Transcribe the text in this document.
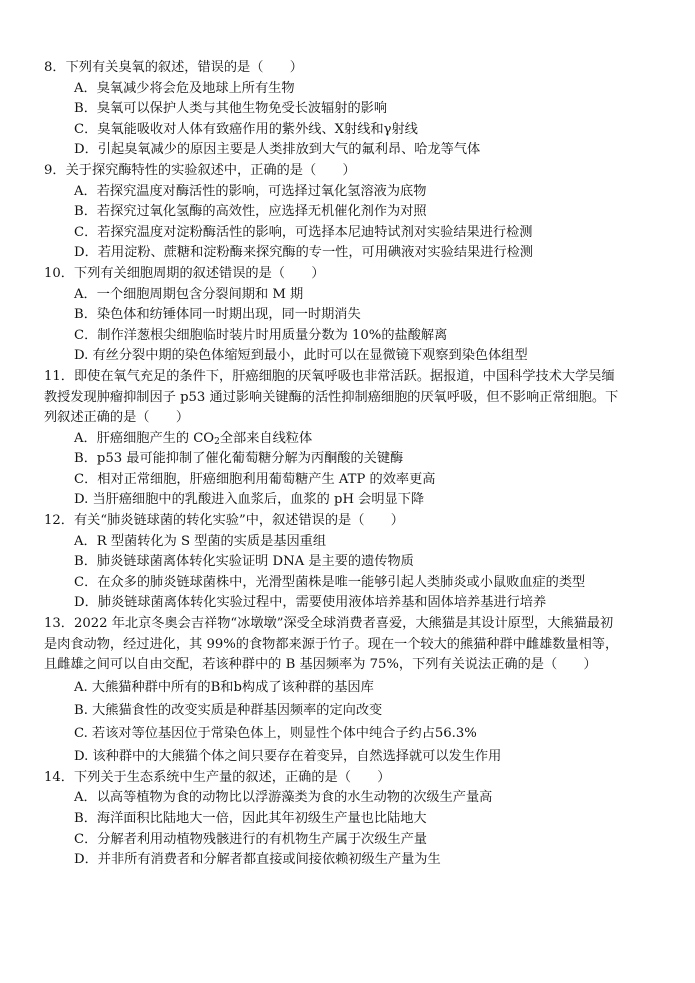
8．下列有关臭氧的叙述，错误的是（　　）
A．臭氧减少将会危及地球上所有生物
B．臭氧可以保护人类与其他生物免受长波辐射的影响
C．臭氧能吸收对人体有致癌作用的紫外线、X射线和γ射线
D．引起臭氧减少的原因主要是人类排放到大气的氟利昂、哈龙等气体
9．关于探究酶特性的实验叙述中，正确的是（　　）
A．若探究温度对酶活性的影响，可选择过氧化氢溶液为底物
B．若探究过氧化氢酶的高效性，应选择无机催化剂作为对照
C．若探究温度对淀粉酶活性的影响，可选择本尼迪特试剂对实验结果进行检测
D．若用淀粉、蔗糖和淀粉酶来探究酶的专一性，可用碘液对实验结果进行检测
10．下列有关细胞周期的叙述错误的是（　　）
A．一个细胞周期包含分裂间期和 M 期
B．染色体和纺锤体同一时期出现，同一时期消失
C．制作洋葱根尖细胞临时装片时用质量分数为 10%的盐酸解离
D. 有丝分裂中期的染色体缩短到最小，此时可以在显微镜下观察到染色体组型
11．即使在氧气充足的条件下，肝癌细胞的厌氧呼吸也非常活跃。据报道，中国科学技术大学吴缅
教授发现肿瘤抑制因子 p53 通过影响关键酶的活性抑制癌细胞的厌氧呼吸，但不影响正常细胞。下
列叙述正确的是（　　）
A．肝癌细胞产生的 $CO_2$全部来自线粒体
B．p53 最可能抑制了催化葡萄糖分解为丙酮酸的关键酶
C．相对正常细胞，肝癌细胞利用葡萄糖产生 ATP 的效率更高
D. 当肝癌细胞中的乳酸进入血浆后，血浆的 pH 会明显下降
12．有关“肺炎链球菌的转化实验”中，叙述错误的是（　　）
A．R 型菌转化为 S 型菌的实质是基因重组
B．肺炎链球菌离体转化实验证明 DNA 是主要的遗传物质
C．在众多的肺炎链球菌株中，光滑型菌株是唯一能够引起人类肺炎或小鼠败血症的类型
D．肺炎链球菌离体转化实验过程中，需要使用液体培养基和固体培养基进行培养
13．2022 年北京冬奥会吉祥物“冰墩墩”深受全球消费者喜爱，大熊猫是其设计原型，大熊猫最初
是肉食动物，经过进化，其 99%的食物都来源于竹子。现在一个较大的熊猫种群中雌雄数量相等，
且雌雄之间可以自由交配，若该种群中的 B 基因频率为 75%，下列有关说法正确的是（　　）
A. 大熊猫种群中所有的B和b构成了该种群的基因库
B. 大熊猫食性的改变实质是种群基因频率的定向改变
C. 若该对等位基因位于常染色体上，则显性个体中纯合子约占56.3%
D. 该种群中的大熊猫个体之间只要存在着变异，自然选择就可以发生作用
14．下列关于生态系统中生产量的叙述，正确的是（　　）
A．以高等植物为食的动物比以浮游藻类为食的水生动物的次级生产量高
B．海洋面积比陆地大一倍，因此其年初级生产量也比陆地大
C．分解者利用动植物残骸进行的有机物生产属于次级生产量
D．并非所有消费者和分解者都直接或间接依赖初级生产量为生
